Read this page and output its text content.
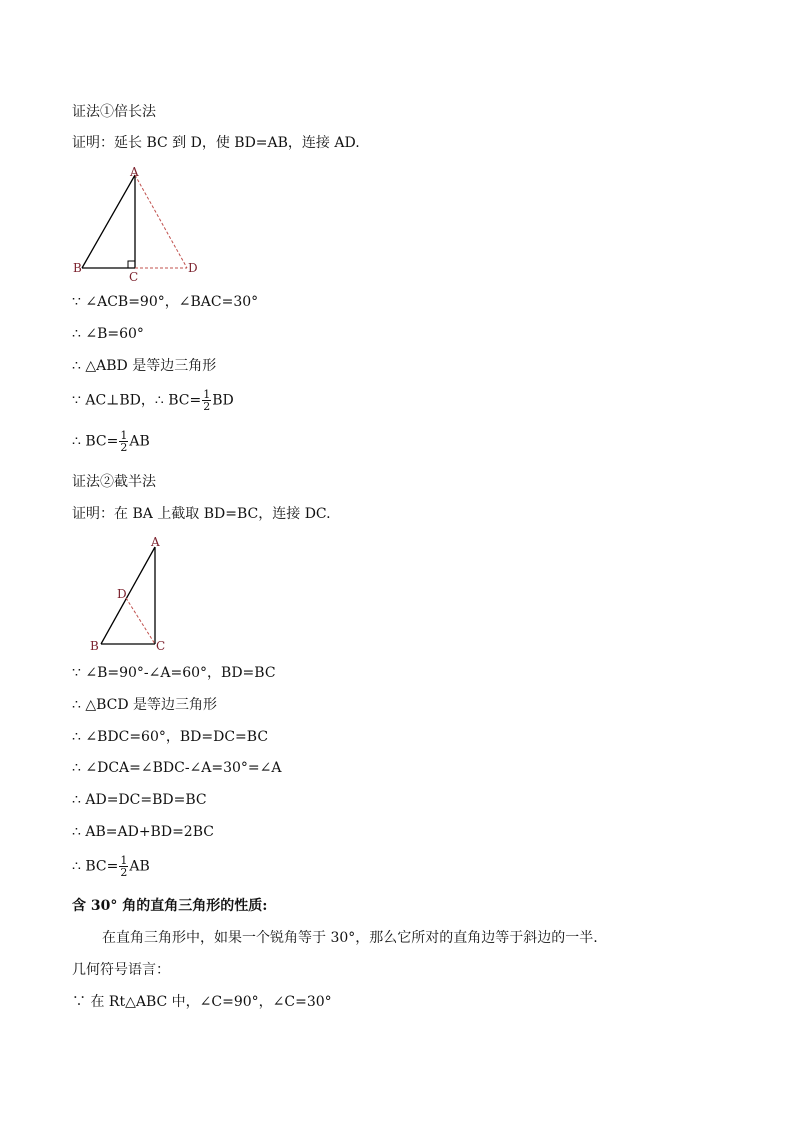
证法①倍长法
证明：延长 BC 到 D，使 BD=AB，连接 AD.
A
B
C
D
∵ ∠ACB=90°，∠BAC=30°
∴ ∠B=60°
∴ △ABD 是等边三角形
∵ AC⊥BD，∴ $BC= \frac{1}{2}$ BD
∴ $BC= \frac{1}{2}$ AB
证法②截半法
证明：在 BA 上截取 BD=BC，连接 DC.
A
B	C
D
∵ ∠B=90°-∠A=60°，BD=BC
∴ △BCD 是等边三角形
∴ ∠BDC=60°，BD=DC=BC
∴ ∠DCA=∠BDC-∠A=30°=∠A
∴ AD=DC=BD=BC
∴ AB=AD+BD=2BC
∴ $BC= \frac{1}{2}$ AB
含 30° 角的直角三角形的性质:
在直角三角形中，如果一个锐角等于 30°，那么它所对的直角边等于斜边的一半.
几何符号语言：
∵ 在 Rt△ABC 中，∠C=90°，∠C=30°
